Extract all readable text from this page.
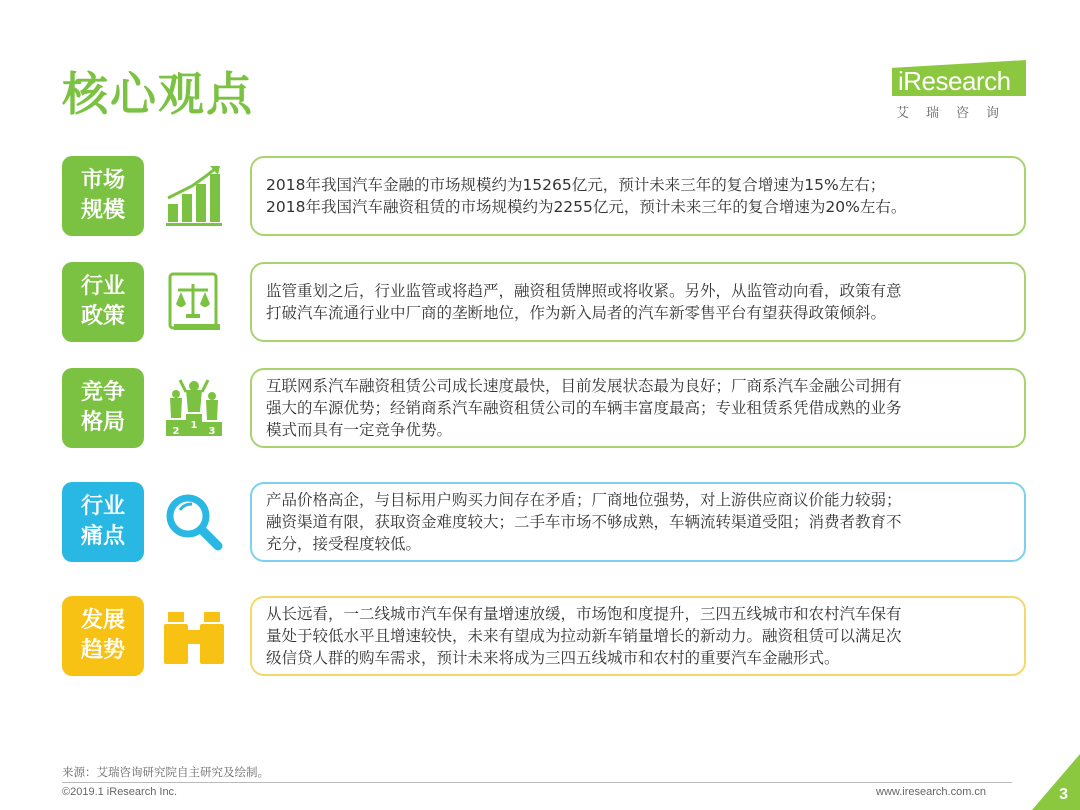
核心观点	iResearch
艾瑞咨询
市场规模
2018年我国汽车金融的市场规模约为15265亿元，预计未来三年的复合增速为15%左右；
2018年我国汽车融资租赁的市场规模约为2255亿元，预计未来三年的复合增速为20%左右。
行业政策
监管重划之后，行业监管或将趋严，融资租赁牌照或将收紧。另外，从监管动向看，政策有意
打破汽车流通行业中厂商的垄断地位，作为新入局者的汽车新零售平台有望获得政策倾斜。
竞争格局	2
1
3
互联网系汽车融资租赁公司成长速度最快，目前发展状态最为良好；厂商系汽车金融公司拥有
强大的车源优势；经销商系汽车融资租赁公司的车辆丰富度最高；专业租赁系凭借成熟的业务
模式而具有一定竞争优势。
行业痛点
产品价格高企，与目标用户购买力间存在矛盾；厂商地位强势，对上游供应商议价能力较弱；
融资渠道有限，获取资金难度较大；二手车市场不够成熟，车辆流转渠道受阻；消费者教育不
充分，接受程度较低。
发展趋势
从长远看，一二线城市汽车保有量增速放缓，市场饱和度提升，三四五线城市和农村汽车保有
量处于较低水平且增速较快，未来有望成为拉动新车销量增长的新动力。融资租赁可以满足次
级信贷人群的购车需求，预计未来将成为三四五线城市和农村的重要汽车金融形式。
来源：艾瑞咨询研究院自主研究及绘制。
©2019.1 iResearch Inc.	www.iresearch.com.cn	3
